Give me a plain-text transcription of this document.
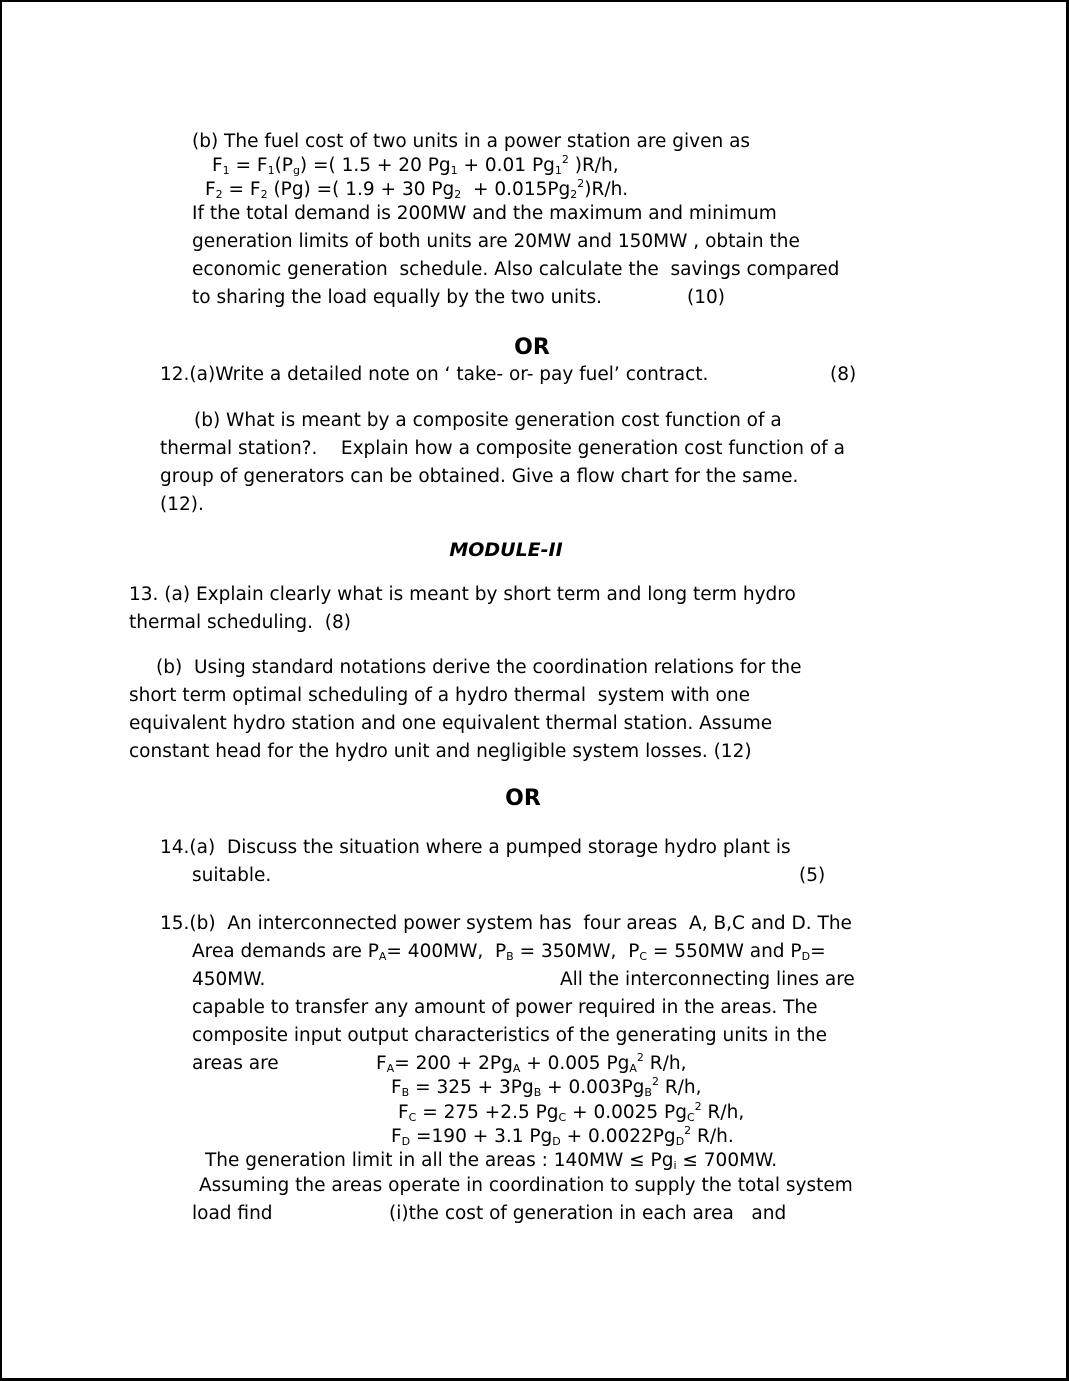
OR
MODULE-II
OR
(b) The fuel cost of two units in a power station are given as
$F_1 = F_1(P_g)$ =( 1.5 + 20 $Pg_1 + 0.01$ $Pg_1^2$ )R/h,
$F_2 = F_2$ (Pg) =( 1.9 + 30 $Pg_2 + 0.015Pg_2^2)R/h$.
If the total demand is 200MW and the maximum and minimum
generation limits of both units are 20MW and 150MW , obtain the
economic generation  schedule. Also calculate the  savings compared
to sharing the load equally by the two units.	(10)
12.(a)Write a detailed note on ‘ take- or- pay fuel’ contract.	(8)
(b) What is meant by a composite generation cost function of a
thermal station?.    Explain how a composite generation cost function of a
group of generators can be obtained. Give a flow chart for the same.
(12).
13. (a) Explain clearly what is meant by short term and long term hydro
thermal scheduling.  (8)
(b)  Using standard notations derive the coordination relations for the
short term optimal scheduling of a hydro thermal  system with one
equivalent hydro station and one equivalent thermal station. Assume
constant head for the hydro unit and negligible system losses. (12)
14.(a)  Discuss the situation where a pumped storage hydro plant is
suitable.	(5)
15.(b)  An interconnected power system has  four areas  A, B,C and D. The
Area demands are $P_A= 400MW$,  $P_B = 350MW$,  $P_C = 550MW$ and $P_D=$
450MW.	All the interconnecting lines are
capable to transfer any amount of power required in the areas. The
composite input output characteristics of the generating units in the
areas are	$F_A= 200 + 2Pg_A + 0.005$ $Pg_A^2$ R/h,
$F_B = 325 + 3Pg_B + 0.003Pg_B^2$ R/h,
$F_C = 275 +2.5$ $Pg_C + 0.0025$ $Pg_C^2$ R/h,
$F_D =190 + 3.1$ $Pg_D + 0.0022Pg_D^2$ R/h.
The generation limit in all the areas : $140MW \le Pg_i \le 700MW$.
Assuming the areas operate in coordination to supply the total system
load find	(i)the cost of generation in each area   and
